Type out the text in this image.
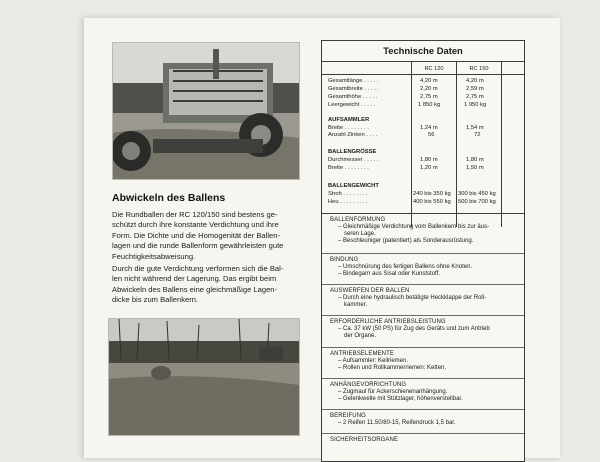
Abwickeln des Ballens
Die Rundballen der RC 120/150 sind bestens ge-
schützt durch ihre konstante Verdichtung und ihre
Form. Die Dichte und die Homogenität der Ballen-
lagen und die runde Ballenform gewährleisten gute
Feuchtigkeitsabweisung.
Durch die gute Verdichtung verformen sich die Bal-
len nicht während der Lagerung. Das ergibt beim
Abwickeln des Ballens eine gleichmäßige Lagen-
dicke bis zum Ballenkern.
Technische Daten
RC 120	RC 150
Gesamtlänge . . . . .	4,20 m	4,20 m
Gesamtbreite . . . . .	2,20 m	2,59 m
Gesamthöhe . . . . .	2,75 m	2,75 m
Leergewicht . . . . .	1 850 kg	1 950 kg
AUFSAMMLER
Breite . . . . . . . .	1,24 m	1,54 m
Anzahl Zinken . . . .	56	72
BALLENGRÖSSE
Durchmesser . . . . .	1,80 m	1,80 m
Breite . . . . . . . .	1,20 m	1,50 m
BALLENGEWICHT
Stroh . . . . . . . .	240 bis 350 kg 300 bis 450 kg
Heu . . . . . . . . .	400 bis 550 kg 500 bis 700 kg
BALLENFORMUNG
– Gleichmäßige Verdichtung vom Ballenkern bis zur äus-
seren Lage.
– Beschleuniger (patentiert) als Sonderausrüstung.
BINDUNG
– Umschnürung des fertigen Ballens ohne Knoten.
– Bindegarn aus Sisal oder Kunststoff.
AUSWERFEN DER BALLEN
– Durch eine hydraulisch betätigte Heckklappe der Roll-
kammer.
ERFORDERLICHE ANTRIEBSLEISTUNG
– Ca. 37 kW (50 PS) für Zug des Geräts und zum Antrieb
der Organe.
ANTRIEBSELEMENTE
– Aufsammler: Keilriemen.
– Rollen und Rollkammerriemen: Ketten.
ANHÄNGEVORRICHTUNG
– Zugmaul für Ackerschienenanhängung.
– Gelenkwelle mit Stützlager, höhenverstellbar.
BEREIFUNG
– 2 Reifen 11.50/80-15, Reifendruck 1,5 bar.
SICHERHEITSORGANE
